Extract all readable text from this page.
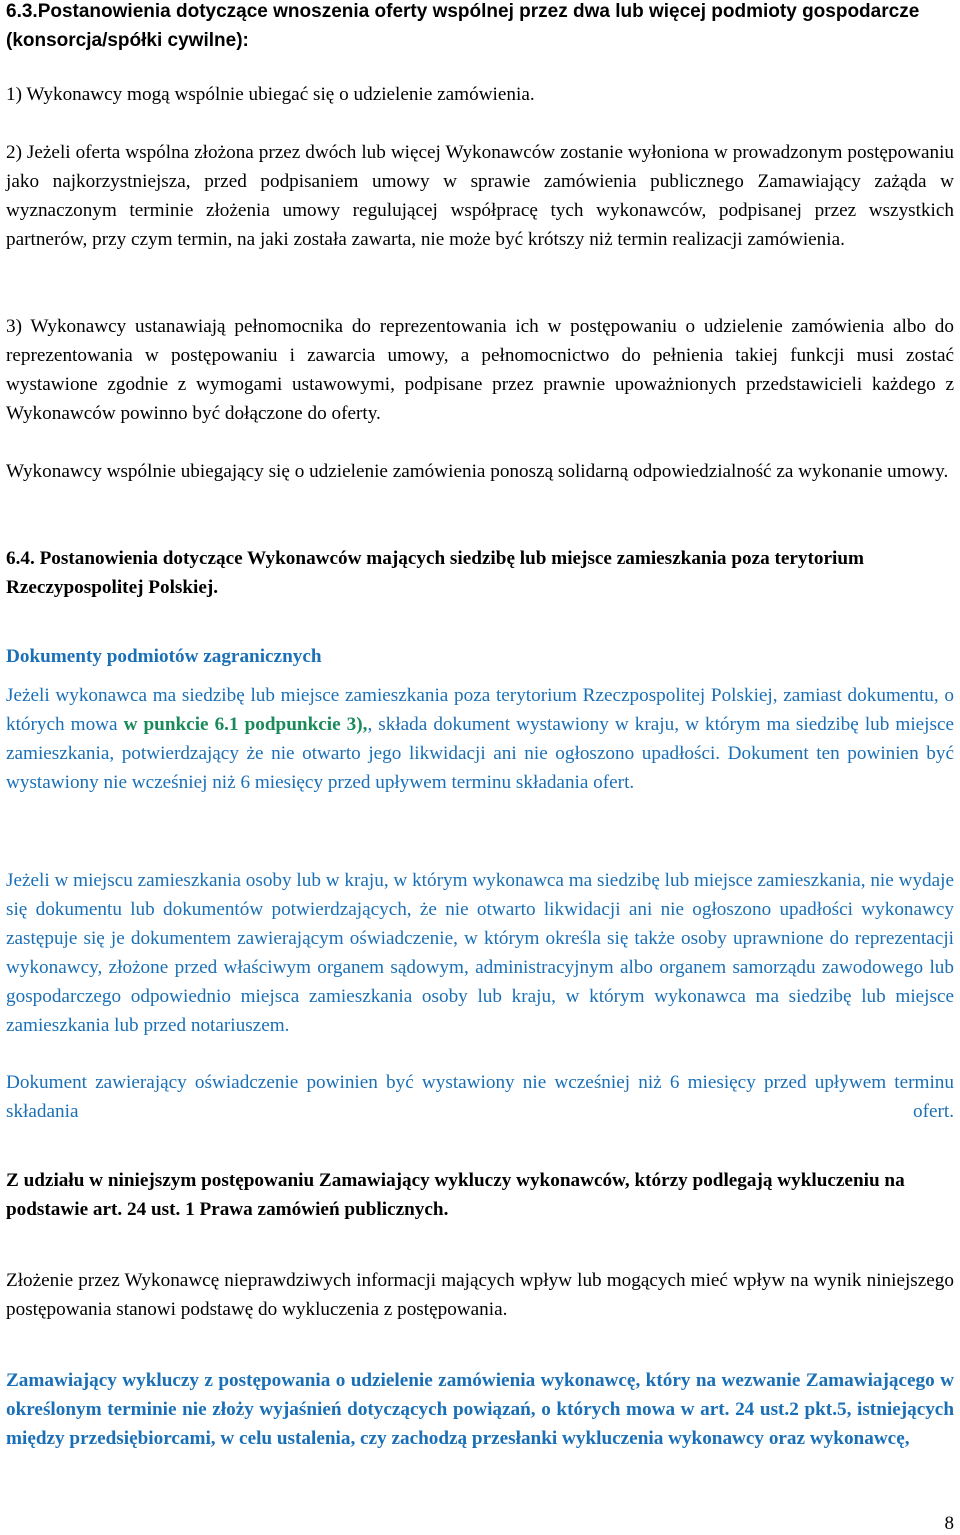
6.3.Postanowienia dotyczące wnoszenia oferty wspólnej przez dwa lub więcej podmioty gospodarcze (konsorcja/spółki cywilne):

1) Wykonawcy mogą wspólnie ubiegać się o udzielenie zamówienia.

2) Jeżeli oferta wspólna złożona przez dwóch lub więcej Wykonawców zostanie wyłoniona w prowadzonym postępowaniu jako najkorzystniejsza, przed podpisaniem umowy w sprawie zamówienia publicznego Zamawiający zażąda w wyznaczonym terminie złożenia umowy regulującej współpracę tych wykonawców, podpisanej przez wszystkich partnerów, przy czym termin, na jaki została zawarta, nie może być krótszy niż termin realizacji zamówienia.

3) Wykonawcy ustanawiają pełnomocnika do reprezentowania ich w postępowaniu o udzielenie zamówienia albo do reprezentowania w postępowaniu i zawarcia umowy, a pełnomocnictwo do pełnienia takiej funkcji musi zostać wystawione zgodnie z wymogami ustawowymi, podpisane przez prawnie upoważnionych przedstawicieli każdego z Wykonawców powinno być dołączone do oferty.

Wykonawcy wspólnie ubiegający się o udzielenie zamówienia ponoszą solidarną odpowiedzialność za wykonanie umowy.

6.4. Postanowienia dotyczące Wykonawców mających siedzibę lub miejsce zamieszkania poza terytorium Rzeczypospolitej Polskiej.

Dokumenty podmiotów zagranicznych

Jeżeli wykonawca ma siedzibę lub miejsce zamieszkania poza terytorium Rzeczpospolitej Polskiej, zamiast dokumentu, o których mowa w punkcie 6.1 podpunkcie 3),, składa dokument wystawiony w kraju, w którym ma siedzibę lub miejsce zamieszkania, potwierdzający że nie otwarto jego likwidacji ani nie ogłoszono upadłości. Dokument ten powinien być wystawiony nie wcześniej niż 6 miesięcy przed upływem terminu składania ofert.

Jeżeli w miejscu zamieszkania osoby lub w kraju, w którym wykonawca ma siedzibę lub miejsce zamieszkania, nie wydaje się dokumentu lub dokumentów potwierdzających, że nie otwarto likwidacji ani nie ogłoszono upadłości wykonawcy zastępuje się je dokumentem zawierającym oświadczenie, w którym określa się także osoby uprawnione do reprezentacji wykonawcy, złożone przed właściwym organem sądowym, administracyjnym albo organem samorządu zawodowego lub gospodarczego odpowiednio miejsca zamieszkania osoby lub kraju, w którym wykonawca ma siedzibę lub miejsce zamieszkania lub przed notariuszem.

Dokument zawierający oświadczenie powinien być wystawiony nie wcześniej niż 6 miesięcy przed upływem terminu składania ofert.

Z udziału w niniejszym postępowaniu Zamawiający wykluczy wykonawców, którzy podlegają wykluczeniu na podstawie art. 24 ust. 1 Prawa zamówień publicznych.

Złożenie przez Wykonawcę nieprawdziwych informacji mających wpływ lub mogących mieć wpływ na wynik niniejszego postępowania stanowi podstawę do wykluczenia z postępowania.

Zamawiający wykluczy z postępowania o udzielenie zamówienia wykonawcę, który na wezwanie Zamawiającego w określonym terminie nie złoży wyjaśnień dotyczących powiązań, o których mowa w art. 24 ust.2 pkt.5, istniejących między przedsiębiorcami, w celu ustalenia, czy zachodzą przesłanki wykluczenia wykonawcy oraz wykonawcę,

8
